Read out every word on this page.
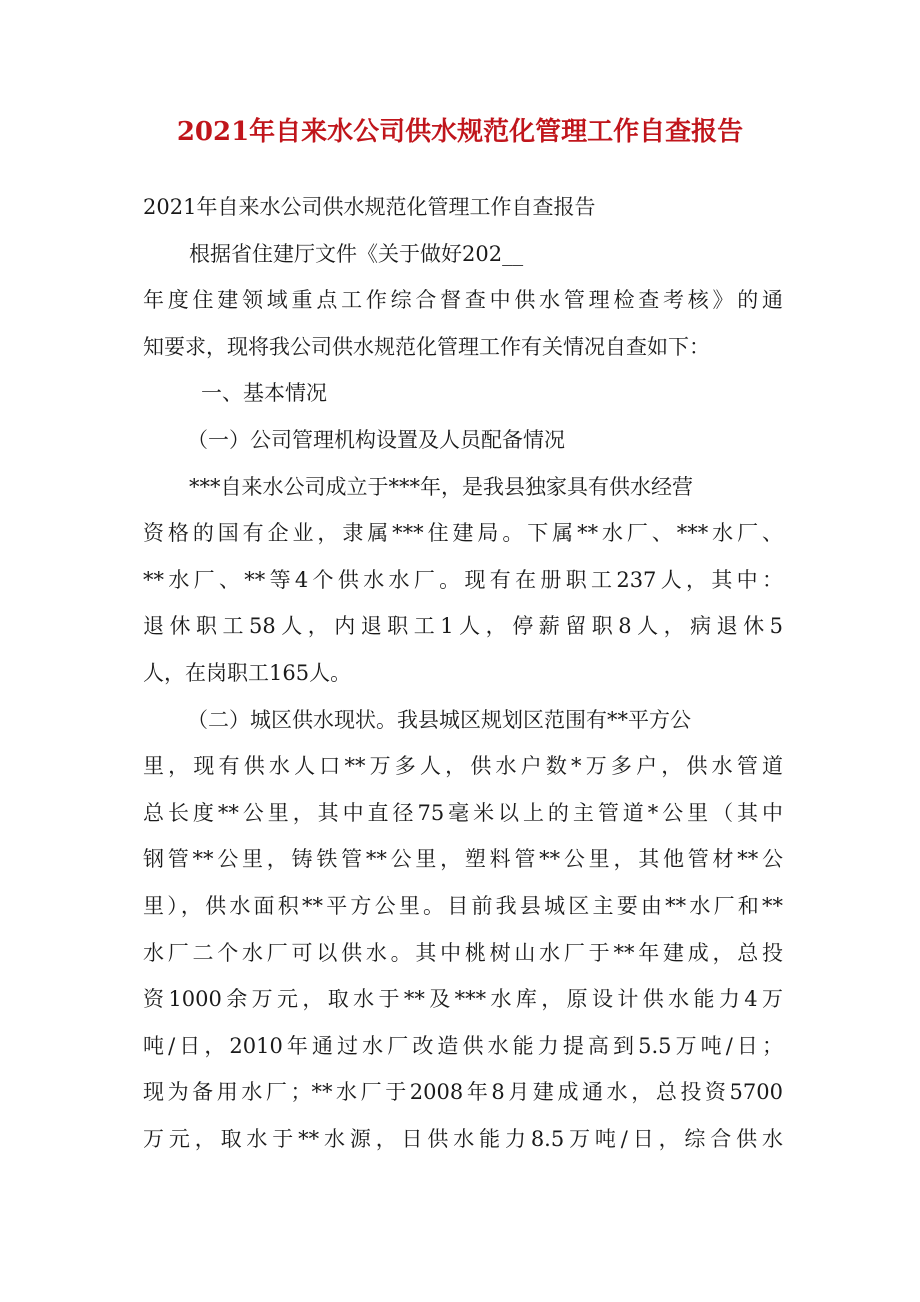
2021年自来水公司供水规范化管理工作自查报告
2021年自来水公司供水规范化管理工作自查报告
根据省住建厅文件《关于做好202__
年度住建领域重点工作综合督查中供水管理检查考核》的通
知要求，现将我公司供水规范化管理工作有关情况自查如下：
一、基本情况
（一）公司管理机构设置及人员配备情况
***自来水公司成立于***年，是我县独家具有供水经营
资格的国有企业，隶属***住建局。下属**水厂、***水厂、
**水厂、**等4个供水水厂。现有在册职工237人，其中：
退休职工58人，内退职工1人，停薪留职8人，病退休5
人，在岗职工165人。
（二）城区供水现状。我县城区规划区范围有**平方公
里，现有供水人口**万多人，供水户数*万多户，供水管道
总长度**公里，其中直径75毫米以上的主管道*公里（其中
钢管**公里，铸铁管**公里，塑料管**公里，其他管材**公
里），供水面积**平方公里。目前我县城区主要由**水厂和**
水厂二个水厂可以供水。其中桃树山水厂于**年建成，总投
资1000余万元，取水于**及***水库，原设计供水能力4万
吨/日，2010年通过水厂改造供水能力提高到5.5万吨/日；
现为备用水厂；**水厂于2008年8月建成通水，总投资5700
万元，取水于**水源，日供水能力8.5万吨/日，综合供水
